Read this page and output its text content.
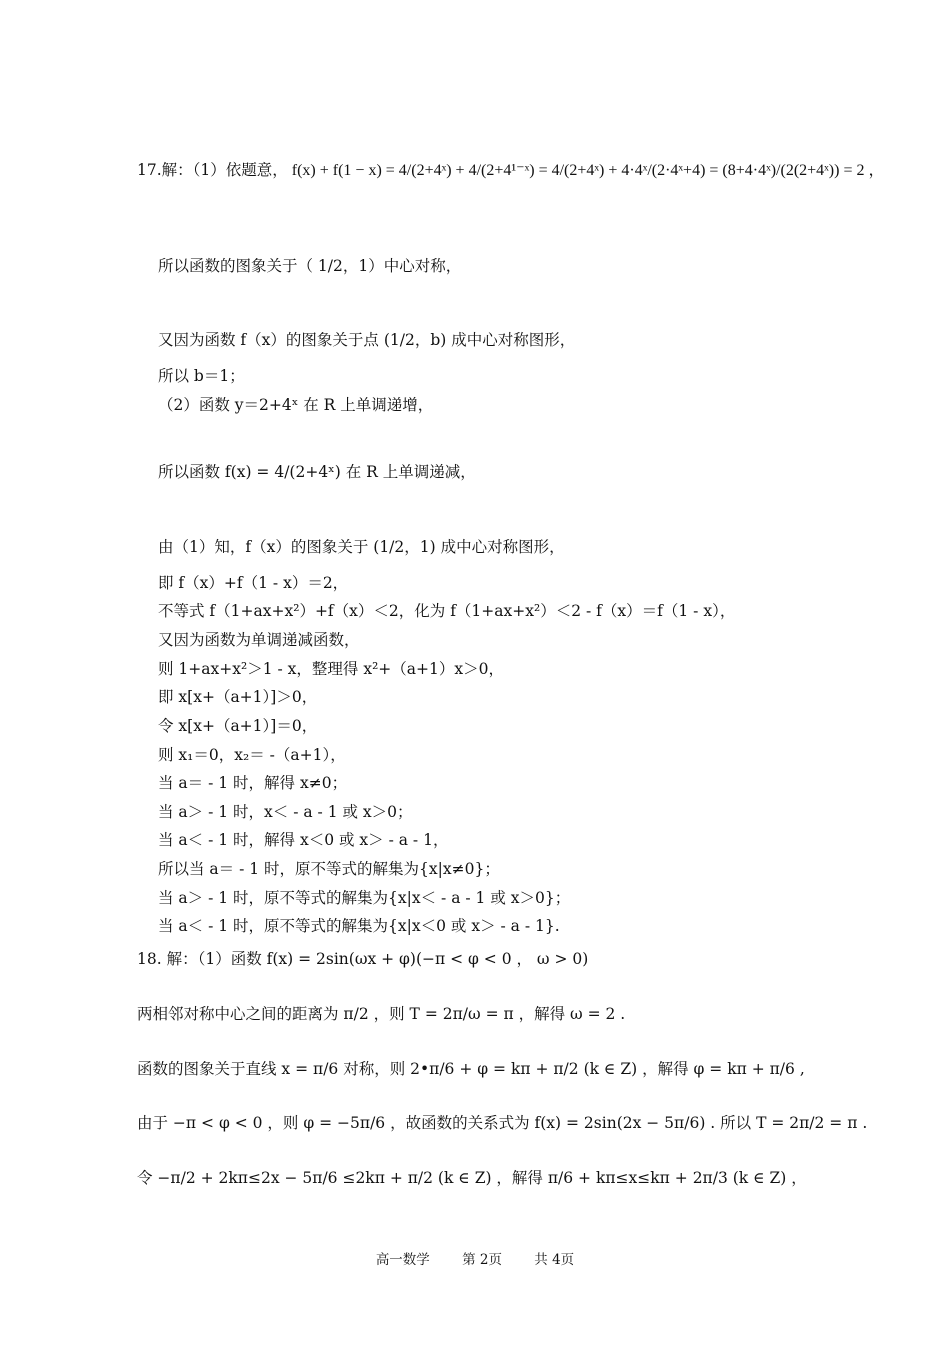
17.解：（1）依题意， f(x) + f(1 − x) = 4/(2+4ˣ) + 4/(2+4¹⁻ˣ) = 4/(2+4ˣ) + 4·4ˣ/(2·4ˣ+4) = (8+4·4ˣ)/(2(2+4ˣ)) = 2 ，
所以函数的图象关于（ 1/2，1）中心对称，
又因为函数 f（x）的图象关于点 (1/2，b) 成中心对称图形，
所以 b＝1；
（2）函数 y＝2+4ˣ 在 R 上单调递增，
所以函数 f(x) = 4/(2+4ˣ) 在 R 上单调递减，
由（1）知，f（x）的图象关于 (1/2，1) 成中心对称图形，
即 f（x）+f（1 - x）＝2，
不等式 f（1+ax+x²）+f（x）＜2，化为 f（1+ax+x²）＜2 - f（x）＝f（1 - x），
又因为函数为单调递减函数，
则 1+ax+x²＞1 - x，整理得 x²+（a+1）x＞0，
即 x[x+（a+1）]＞0，
令 x[x+（a+1）]＝0，
则 x₁＝0，x₂＝ -（a+1），
当 a＝ - 1 时，解得 x≠0；
当 a＞ - 1 时，x＜ - a - 1 或 x＞0；
当 a＜ - 1 时，解得 x＜0 或 x＞ - a - 1，
所以当 a＝ - 1 时，原不等式的解集为{x|x≠0}；
当 a＞ - 1 时，原不等式的解集为{x|x＜ - a - 1 或 x＞0}；
当 a＜ - 1 时，原不等式的解集为{x|x＜0 或 x＞ - a - 1}.
18. 解：（1）函数 f(x) = 2sin(ωx + φ)(−π < φ < 0 ， ω > 0)
两相邻对称中心之间的距离为 π/2 ，则 T = 2π/ω = π ，解得 ω = 2 .
函数的图象关于直线 x = π/6 对称，则 2•π/6 + φ = kπ + π/2 (k ∈ Z) ，解得 φ = kπ + π/6 ,
由于 −π < φ < 0 ，则 φ = −5π/6 ，故函数的关系式为 f(x) = 2sin(2x − 5π/6) . 所以 T = 2π/2 = π .
令 −π/2 + 2kπ≤2x − 5π/6 ≤2kπ + π/2 (k ∈ Z) ，解得 π/6 + kπ≤x≤kπ + 2π/3 (k ∈ Z) ，
高一数学 第 2页 共 4页
